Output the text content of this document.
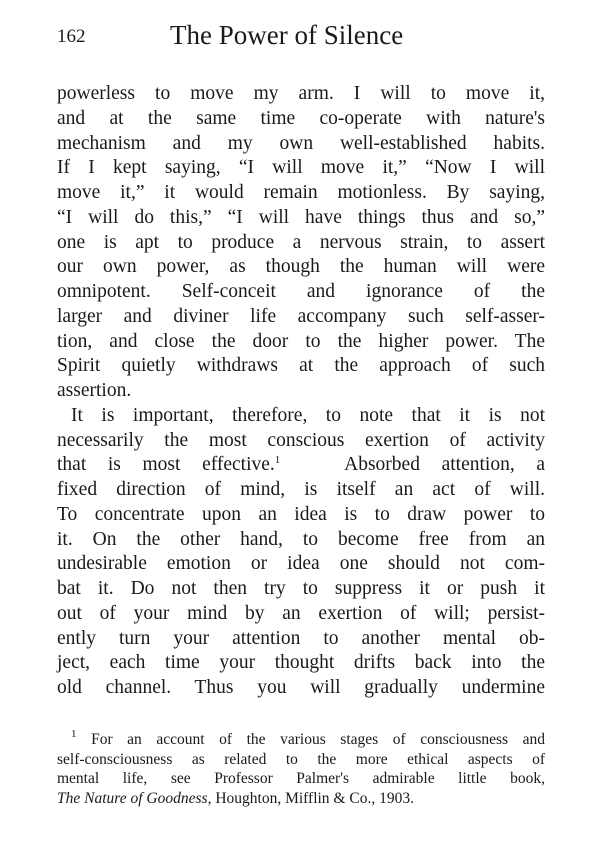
162	The Power of Silence
powerless to move my arm. I will to move it,
and at the same time co-operate with nature's
mechanism and my own well-established habits.
If I kept saying, “I will move it,” “Now I will
move it,” it would remain motionless. By saying,
“I will do this,” “I will have things thus and so,”
one is apt to produce a nervous strain, to assert
our own power, as though the human will were
omnipotent. Self-conceit and ignorance of the
larger and diviner life accompany such self-asser-
tion, and close the door to the higher power. The
Spirit quietly withdraws at the approach of such
assertion.
It is important, therefore, to note that it is not
necessarily the most conscious exertion of activity
that is most effective.$^1$	Absorbed attention, a
fixed direction of mind, is itself an act of will.
To concentrate upon an idea is to draw power to
it. On the other hand, to become free from an
undesirable emotion or idea one should not com-
bat it. Do not then try to suppress it or push it
out of your mind by an exertion of will; persist-
ently turn your attention to another mental ob-
ject, each time your thought drifts back into the
old channel. Thus you will gradually undermine
$^1$ For an account of the various stages of consciousness and
self-consciousness as related to the more ethical aspects of
mental life, see Professor Palmer's admirable little book,
The Nature of Goodness, Houghton, Mifflin & Co., 1903.
